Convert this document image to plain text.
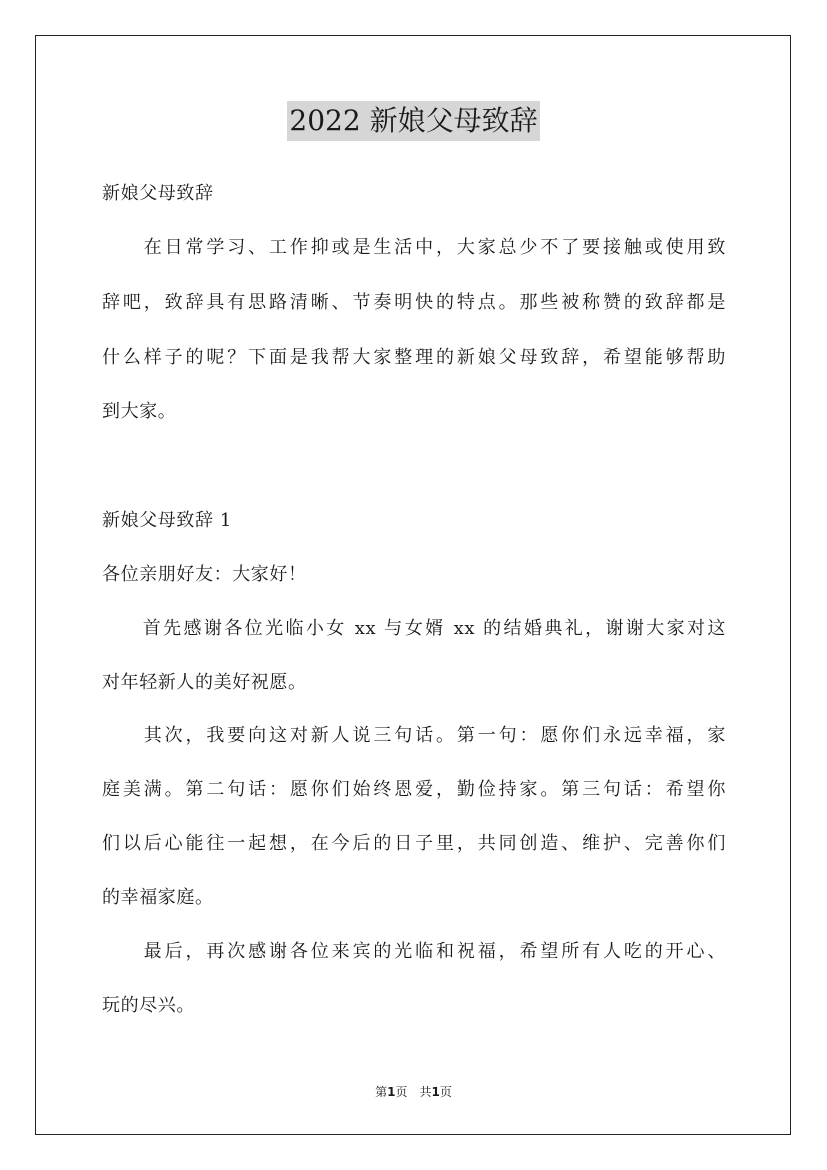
2022 新娘父母致辞
新娘父母致辞
　　在日常学习、工作抑或是生活中，大家总少不了要接触或使用致
辞吧，致辞具有思路清晰、节奏明快的特点。那些被称赞的致辞都是
什么样子的呢？下面是我帮大家整理的新娘父母致辞，希望能够帮助
到大家。
新娘父母致辞 1
各位亲朋好友：大家好！
　　首先感谢各位光临小女 xx 与女婿 xx 的结婚典礼，谢谢大家对这
对年轻新人的美好祝愿。
　　其次，我要向这对新人说三句话。第一句：愿你们永远幸福，家
庭美满。第二句话：愿你们始终恩爱，勤俭持家。第三句话：希望你
们以后心能往一起想，在今后的日子里，共同创造、维护、完善你们
的幸福家庭。
　　最后，再次感谢各位来宾的光临和祝福，希望所有人吃的开心、
玩的尽兴。
第1页　共1页
